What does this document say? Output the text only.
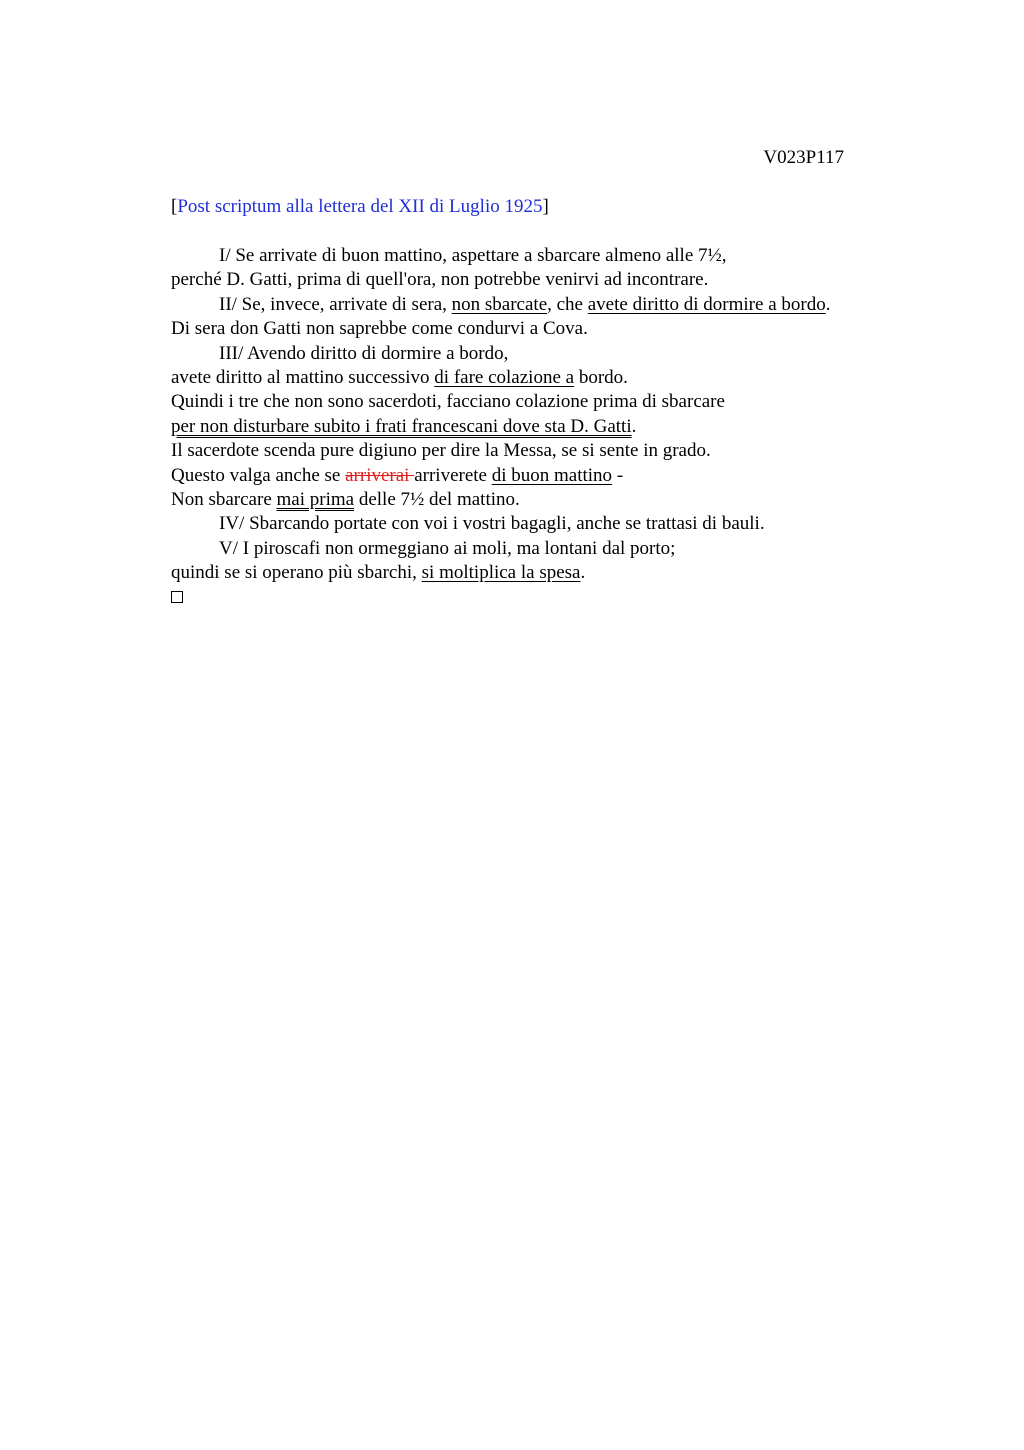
V023P117
[Post scriptum alla lettera del XII di Luglio 1925]
I/ Se arrivate di buon mattino, aspettare a sbarcare almeno alle 7½,
perché D. Gatti, prima di quell'ora, non potrebbe venirvi ad incontrare.
II/ Se, invece, arrivate di sera, non sbarcate, che avete diritto di dormire a bordo.
Di sera don Gatti non saprebbe come condurvi a Cova.
III/ Avendo diritto di dormire a bordo,
avete diritto al mattino successivo di fare colazione a bordo.
Quindi i tre che non sono sacerdoti, facciano colazione prima di sbarcare
per non disturbare subito i frati francescani dove sta D. Gatti.
Il sacerdote scenda pure digiuno per dire la Messa, se si sente in grado.
Questo valga anche se arriverai arriverete di buon mattino -
Non sbarcare mai prima delle 7½ del mattino.
IV/ Sbarcando portate con voi i vostri bagagli, anche se trattasi di bauli.
V/ I piroscafi non ormeggiano ai moli, ma lontani dal porto;
quindi se si operano più sbarchi, si moltiplica la spesa.
